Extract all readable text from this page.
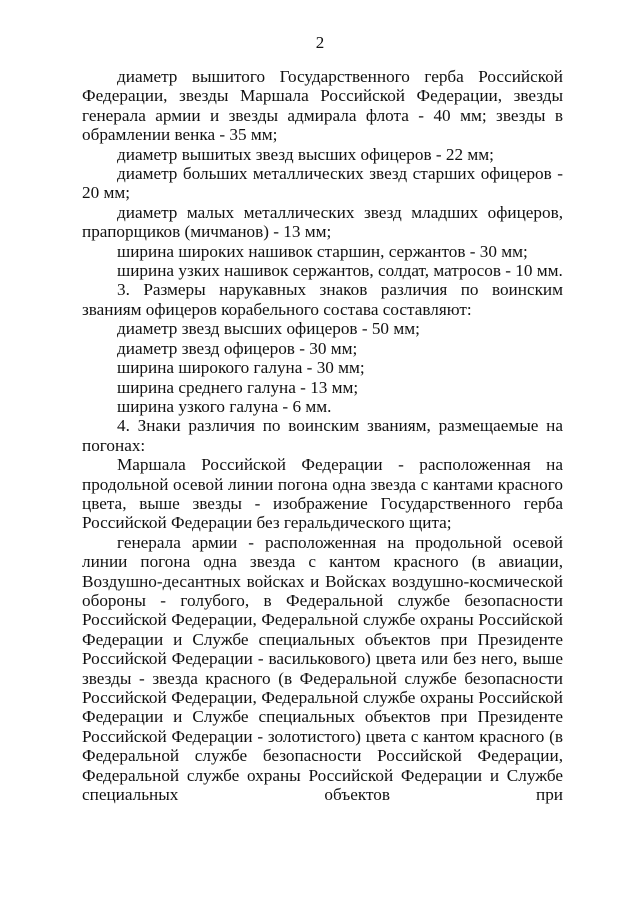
2

диаметр вышитого Государственного герба Российской Федерации, звезды Маршала Российской Федерации, звезды генерала армии и звезды адмирала флота - 40 мм; звезды в обрамлении венка - 35 мм;

диаметр вышитых звезд высших офицеров - 22 мм;

диаметр больших металлических звезд старших офицеров - 20 мм;

диаметр малых металлических звезд младших офицеров, прапорщиков (мичманов) - 13 мм;

ширина широких нашивок старшин, сержантов - 30 мм;

ширина узких нашивок сержантов, солдат, матросов - 10 мм.

3. Размеры нарукавных знаков различия по воинским званиям офицеров корабельного состава составляют:

диаметр звезд высших офицеров - 50 мм;

диаметр звезд офицеров - 30 мм;

ширина широкого галуна - 30 мм;

ширина среднего галуна - 13 мм;

ширина узкого галуна - 6 мм.

4. Знаки различия по воинским званиям, размещаемые на погонах:

Маршала Российской Федерации - расположенная на продольной осевой линии погона одна звезда с кантами красного цвета, выше звезды - изображение Государственного герба Российской Федерации без геральдического щита;

генерала армии - расположенная на продольной осевой линии погона одна звезда с кантом красного (в авиации, Воздушно-десантных войсках и Войсках воздушно-космической обороны - голубого, в Федеральной службе безопасности Российской Федерации, Федеральной службе охраны Российской Федерации и Службе специальных объектов при Президенте Российской Федерации - василькового) цвета или без него, выше звезды - звезда красного (в Федеральной службе безопасности Российской Федерации, Федеральной службе охраны Российской Федерации и Службе специальных объектов при Президенте Российской Федерации - золотистого) цвета с кантом красного (в Федеральной службе безопасности Российской Федерации, Федеральной службе охраны Российской Федерации и Службе специальных объектов при
